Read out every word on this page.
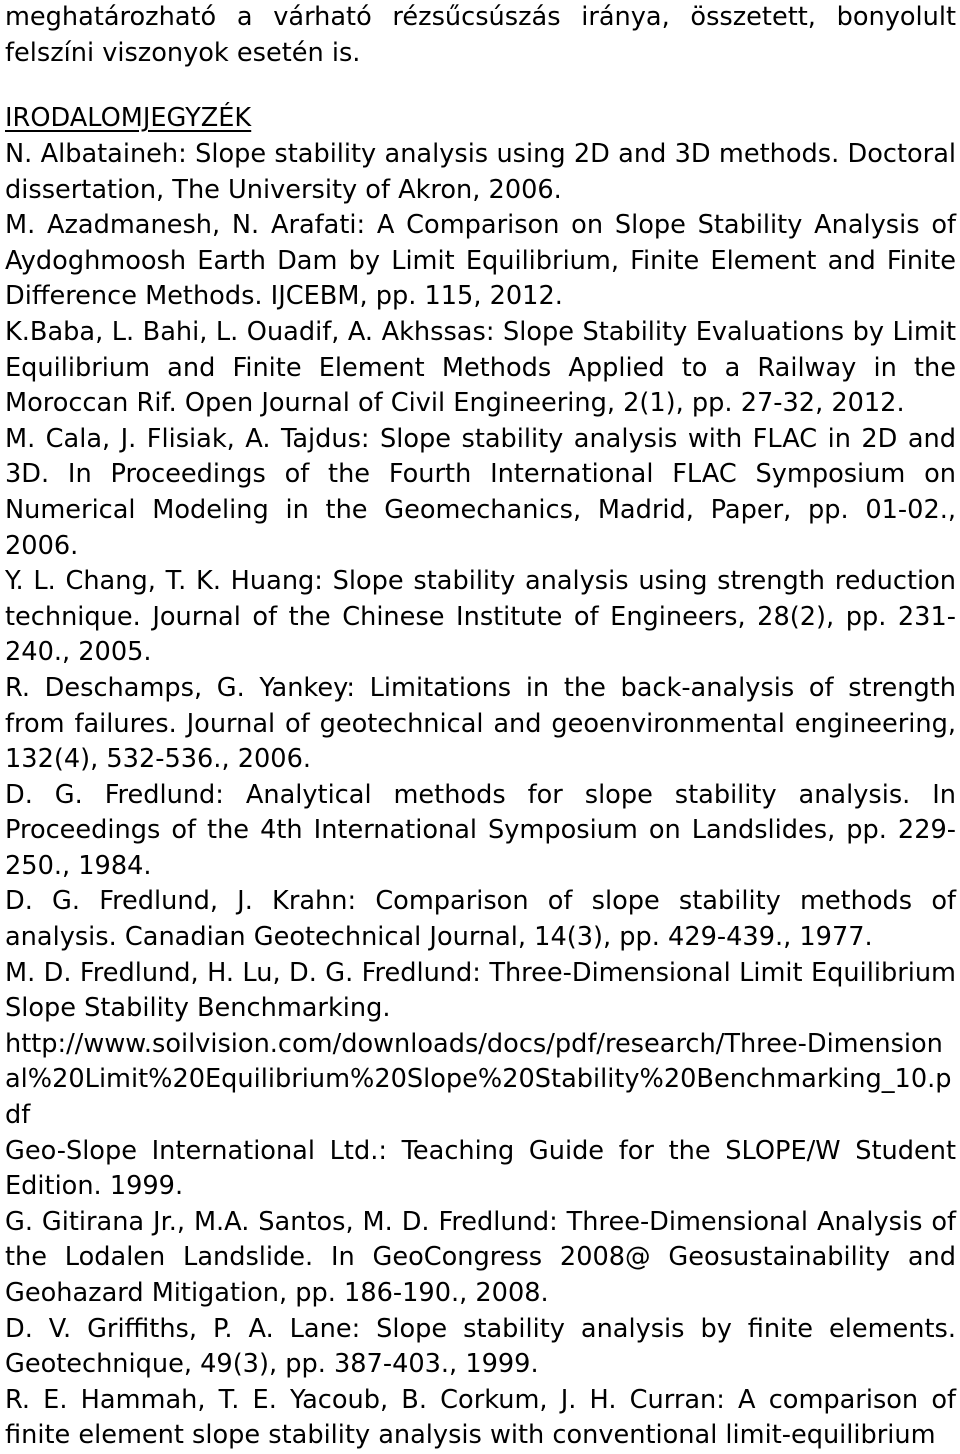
meghatározható a várható rézsűcsúszás iránya, összetett, bonyolult felszíni viszonyok esetén is.

IRODALOMJEGYZÉK
N. Albataineh: Slope stability analysis using 2D and 3D methods. Doctoral dissertation, The University of Akron, 2006.
M. Azadmanesh, N. Arafati: A Comparison on Slope Stability Analysis of Aydoghmoosh Earth Dam by Limit Equilibrium, Finite Element and Finite Difference Methods. IJCEBM, pp. 115, 2012.
K.Baba, L. Bahi, L. Ouadif, A. Akhssas: Slope Stability Evaluations by Limit Equilibrium and Finite Element Methods Applied to a Railway in the Moroccan Rif. Open Journal of Civil Engineering, 2(1), pp. 27-32, 2012.
M. Cala, J. Flisiak, A. Tajdus: Slope stability analysis with FLAC in 2D and 3D. In Proceedings of the Fourth International FLAC Symposium on Numerical Modeling in the Geomechanics, Madrid, Paper, pp. 01-02., 2006.
Y. L. Chang, T. K. Huang: Slope stability analysis using strength reduction technique. Journal of the Chinese Institute of Engineers, 28(2), pp. 231-240., 2005.
R. Deschamps, G. Yankey: Limitations in the back-analysis of strength from failures. Journal of geotechnical and geoenvironmental engineering, 132(4), 532-536., 2006.
D. G. Fredlund: Analytical methods for slope stability analysis. In Proceedings of the 4th International Symposium on Landslides, pp. 229-250., 1984.
D. G. Fredlund, J. Krahn: Comparison of slope stability methods of analysis. Canadian Geotechnical Journal, 14(3), pp. 429-439., 1977.
M. D. Fredlund, H. Lu, D. G. Fredlund: Three-Dimensional Limit Equilibrium Slope Stability Benchmarking.
http://www.soilvision.com/downloads/docs/pdf/research/Three-Dimensional%20Limit%20Equilibrium%20Slope%20Stability%20Benchmarking_10.pdf
Geo-Slope International Ltd.: Teaching Guide for the SLOPE/W Student Edition. 1999.
G. Gitirana Jr., M.A. Santos, M. D. Fredlund: Three-Dimensional Analysis of the Lodalen Landslide. In GeoCongress 2008@ Geosustainability and Geohazard Mitigation, pp. 186-190., 2008.
D. V. Griffiths, P. A. Lane: Slope stability analysis by finite elements. Geotechnique, 49(3), pp. 387-403., 1999.
R. E. Hammah, T. E. Yacoub, B. Corkum, J. H. Curran: A comparison of finite element slope stability analysis with conventional limit-equilibrium
